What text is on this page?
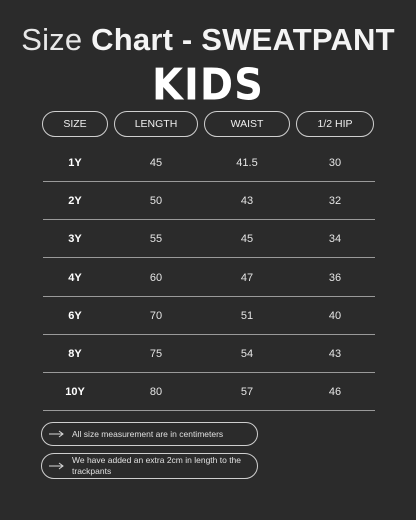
Size Chart - SWEATPANT
KIDS
SIZE	LENGTH	WAIST	1/2 HIP
1Y	45	41.5	30
2Y	50	43	32
3Y	55	45	34
4Y	60	47	36
6Y	70	51	40
8Y	75	54	43
10Y	80	57	46
All size measurement are in centimeters
We have added an extra 2cm in length to the trackpants
